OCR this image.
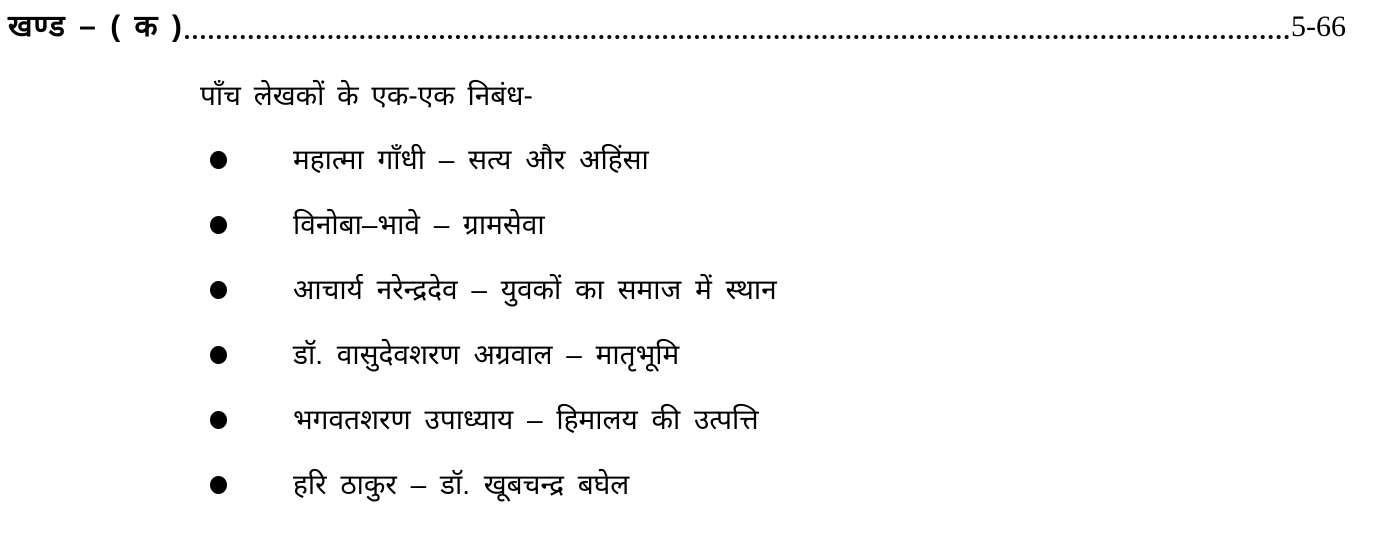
खण्ड – ( क )	5-66
पाँच लेखकों के एक-एक निबंध-
महात्मा गाँधी – सत्य और अहिंसा
विनोबा–भावे – ग्रामसेवा
आचार्य नरेन्द्रदेव – युवकों का समाज में स्थान
डॉ. वासुदेवशरण अग्रवाल – मातृभूमि
भगवतशरण उपाध्याय – हिमालय की उत्पत्ति
हरि ठाकुर – डॉ. खूबचन्द्र बघेल
